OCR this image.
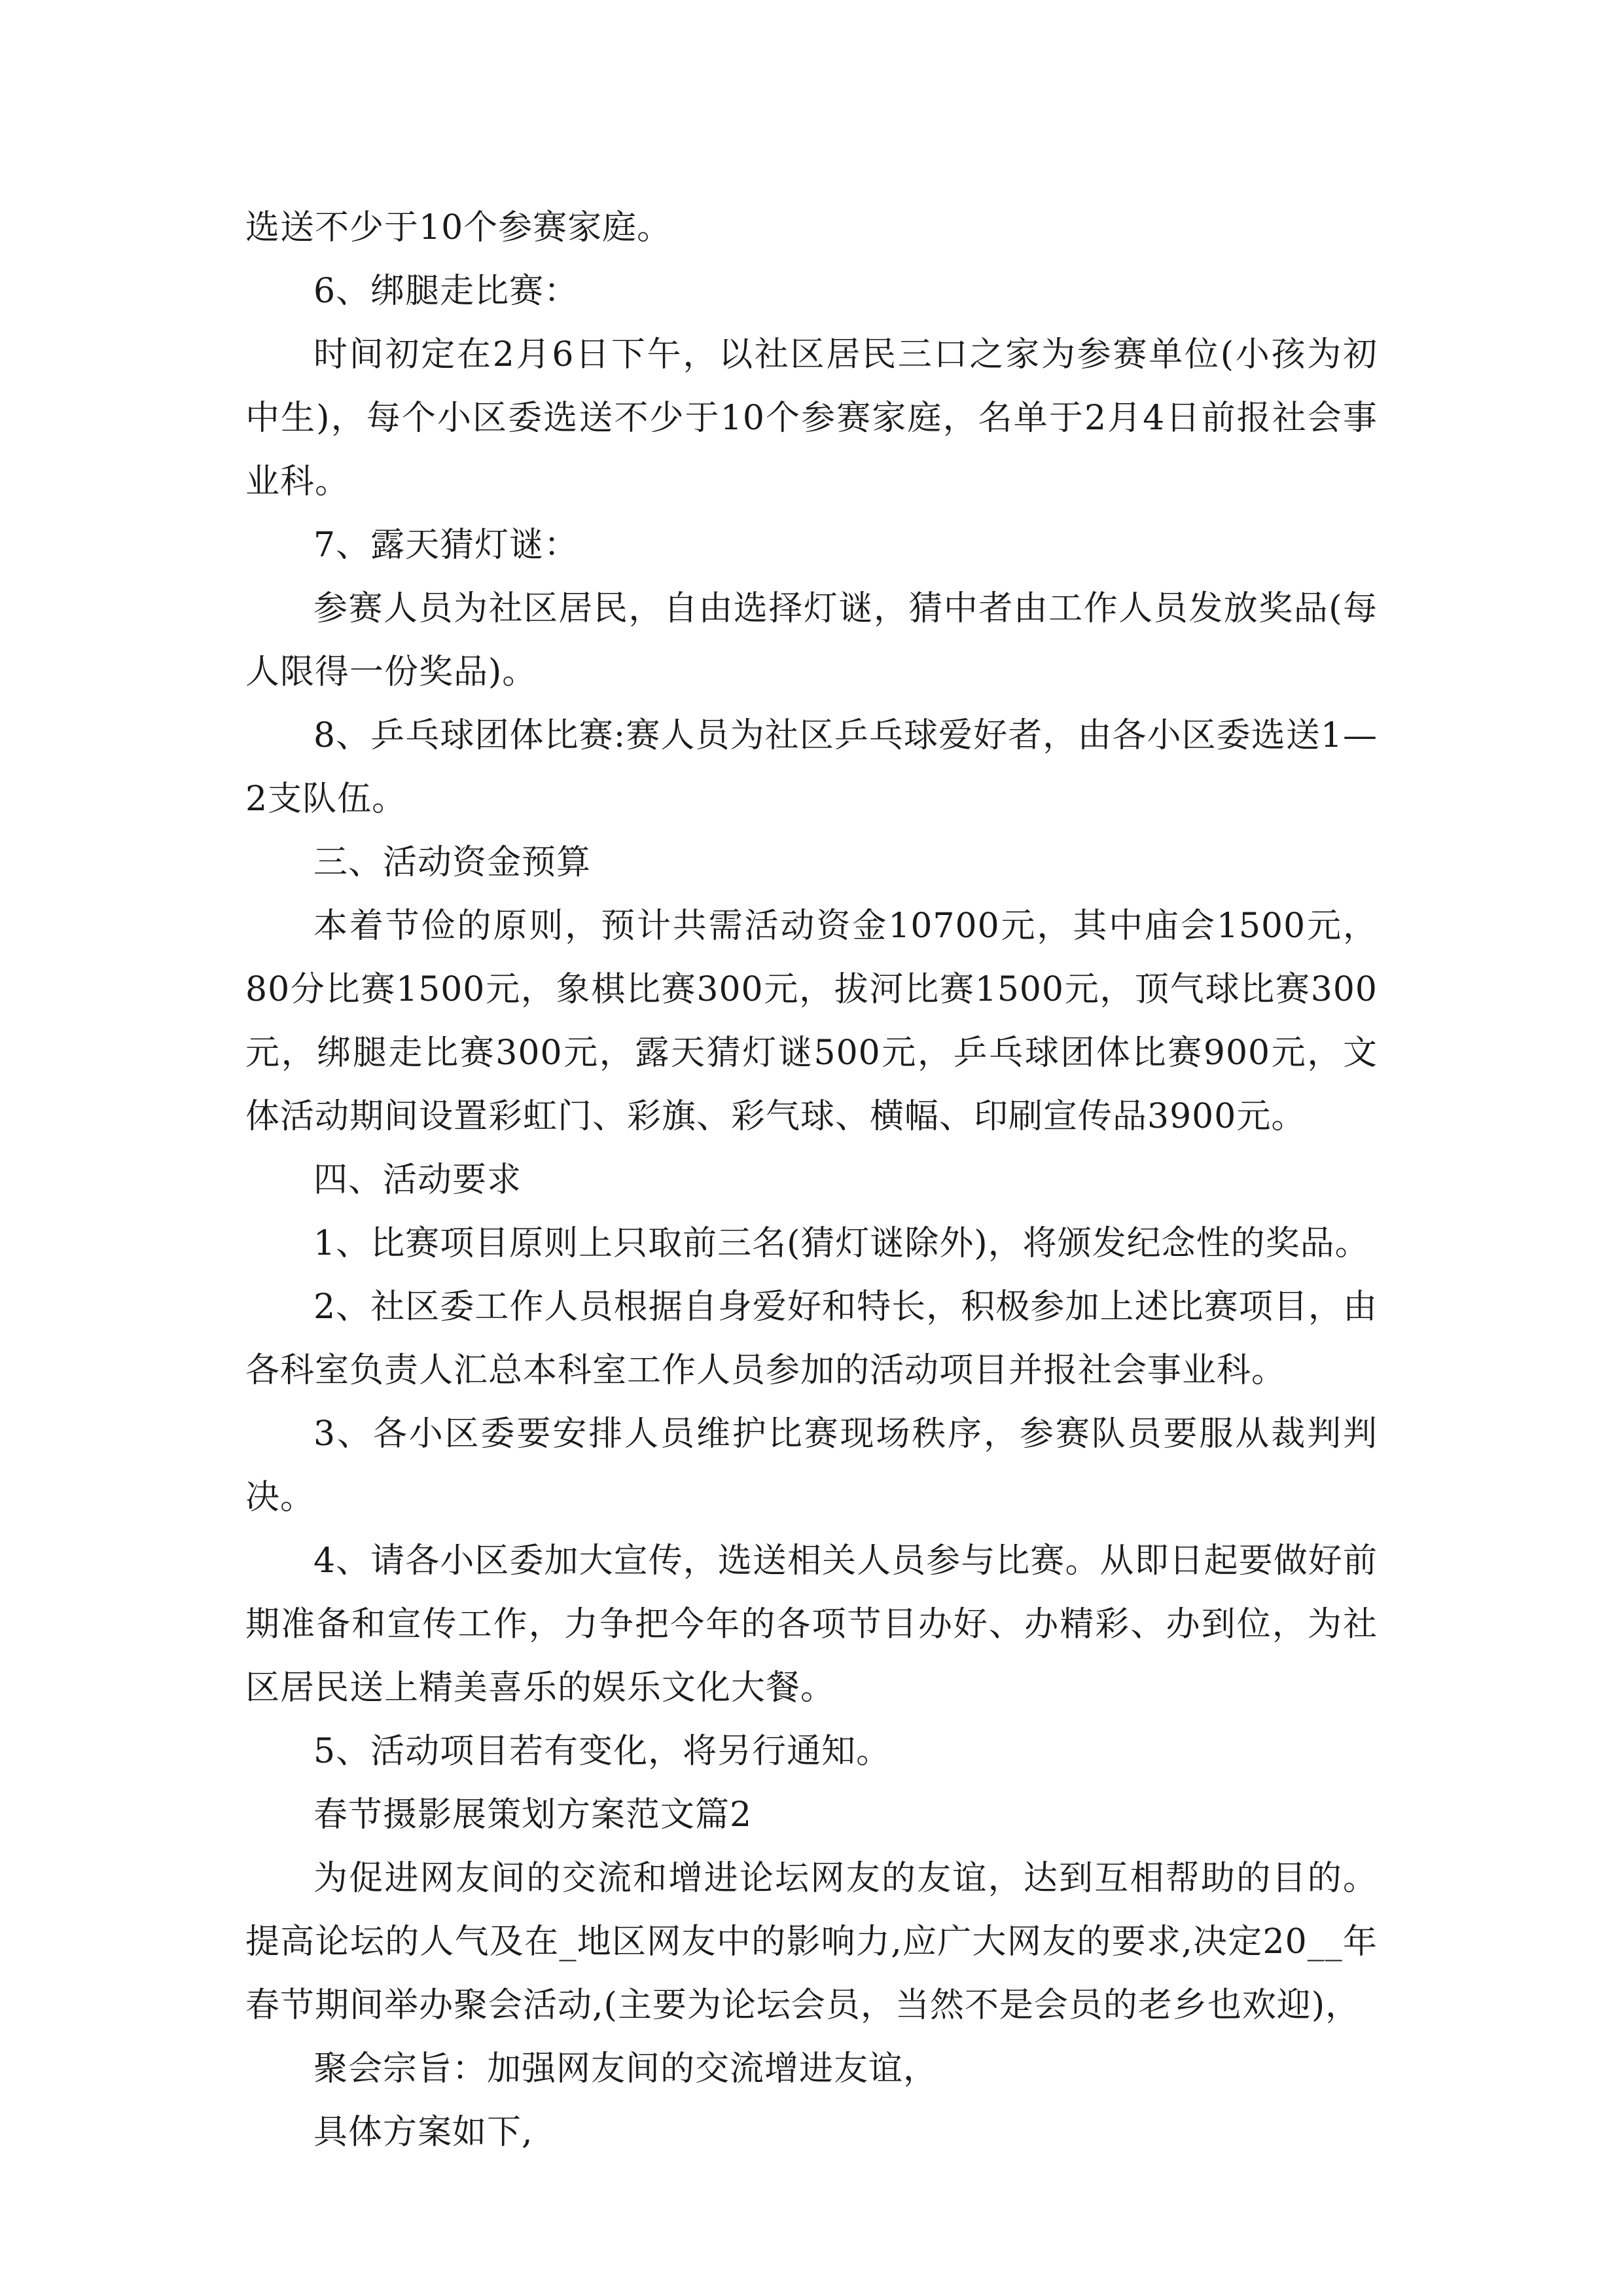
选送不少于10个参赛家庭。

6、绑腿走比赛：

时间初定在2月6日下午，以社区居民三口之家为参赛单位(小孩为初中生)，每个小区委选送不少于10个参赛家庭，名单于2月4日前报社会事业科。

7、露天猜灯谜：

参赛人员为社区居民，自由选择灯谜，猜中者由工作人员发放奖品(每人限得一份奖品)。

8、乒乓球团体比赛:赛人员为社区乒乓球爱好者，由各小区委选送1—2支队伍。

三、活动资金预算

本着节俭的原则，预计共需活动资金10700元，其中庙会1500元，80分比赛1500元，象棋比赛300元，拔河比赛1500元，顶气球比赛300元，绑腿走比赛300元，露天猜灯谜500元，乒乓球团体比赛900元，文体活动期间设置彩虹门、彩旗、彩气球、横幅、印刷宣传品3900元。

四、活动要求

1、比赛项目原则上只取前三名(猜灯谜除外)，将颁发纪念性的奖品。

2、社区委工作人员根据自身爱好和特长，积极参加上述比赛项目，由各科室负责人汇总本科室工作人员参加的活动项目并报社会事业科。

3、各小区委要安排人员维护比赛现场秩序，参赛队员要服从裁判判决。

4、请各小区委加大宣传，选送相关人员参与比赛。从即日起要做好前期准备和宣传工作，力争把今年的各项节目办好、办精彩、办到位，为社区居民送上精美喜乐的娱乐文化大餐。

5、活动项目若有变化，将另行通知。

春节摄影展策划方案范文篇2

为促进网友间的交流和增进论坛网友的友谊，达到互相帮助的目的。提高论坛的人气及在_地区网友中的影响力,应广大网友的要求,决定20__年春节期间举办聚会活动,(主要为论坛会员，当然不是会员的老乡也欢迎)，

聚会宗旨：加强网友间的交流增进友谊，

具体方案如下,
